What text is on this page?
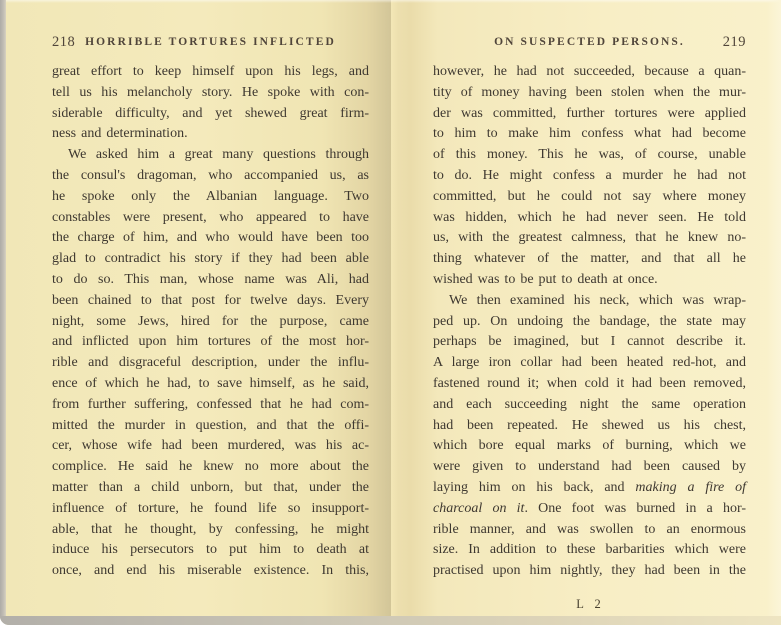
218 HORRIBLE TORTURES INFLICTED
great effort to keep himself upon his legs, and
tell us his melancholy story. He spoke with con-
siderable difficulty, and yet shewed great firm-
ness and determination.
We asked him a great many questions through
the consul's dragoman, who accompanied us, as
he spoke only the Albanian language. Two
constables were present, who appeared to have
the charge of him, and who would have been too
glad to contradict his story if they had been able
to do so. This man, whose name was Ali, had
been chained to that post for twelve days. Every
night, some Jews, hired for the purpose, came
and inflicted upon him tortures of the most hor-
rible and disgraceful description, under the influ-
ence of which he had, to save himself, as he said,
from further suffering, confessed that he had com-
mitted the murder in question, and that the offi-
cer, whose wife had been murdered, was his ac-
complice. He said he knew no more about the
matter than a child unborn, but that, under the
influence of torture, he found life so insupport-
able, that he thought, by confessing, he might
induce his persecutors to put him to death at
once, and end his miserable existence. In this,
ON SUSPECTED PERSONS.	219
however, he had not succeeded, because a quan-
tity of money having been stolen when the mur-
der was committed, further tortures were applied
to him to make him confess what had become
of this money. This he was, of course, unable
to do. He might confess a murder he had not
committed, but he could not say where money
was hidden, which he had never seen. He told
us, with the greatest calmness, that he knew no-
thing whatever of the matter, and that all he
wished was to be put to death at once.
We then examined his neck, which was wrap-
ped up. On undoing the bandage, the state may
perhaps be imagined, but I cannot describe it.
A large iron collar had been heated red-hot, and
fastened round it; when cold it had been removed,
and each succeeding night the same operation
had been repeated. He shewed us his chest,
which bore equal marks of burning, which we
were given to understand had been caused by
laying him on his back, and making a fire of
charcoal on it. One foot was burned in a hor-
rible manner, and was swollen to an enormous
size. In addition to these barbarities which were
practised upon him nightly, they had been in the
L 2
